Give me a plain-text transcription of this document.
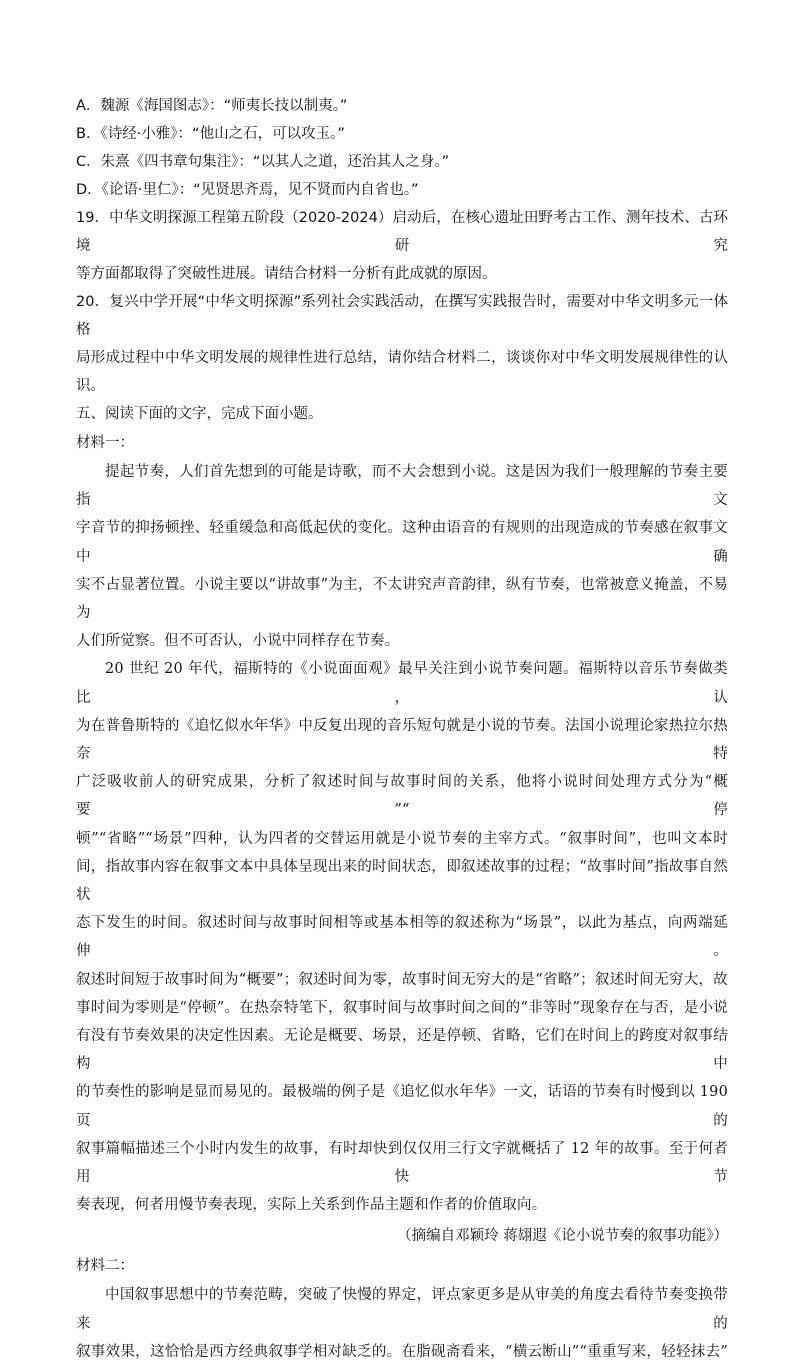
A．魏源《海国图志》：“师夷长技以制夷。”
B．《诗经·小雅》：“他山之石，可以攻玉。”
C．朱熹《四书章句集注》：“以其人之道，还治其人之身。”
D．《论语·里仁》：“见贤思齐焉，见不贤而内自省也。”
19．中华文明探源工程第五阶段（2020-2024）启动后，在核心遗址田野考古工作、测年技术、古环境研究
等方面都取得了突破性进展。请结合材料一分析有此成就的原因。
20．复兴中学开展“中华文明探源”系列社会实践活动，在撰写实践报告时，需要对中华文明多元一体格
局形成过程中中华文明发展的规律性进行总结，请你结合材料二，谈谈你对中华文明发展规律性的认识。
五、阅读下面的文字，完成下面小题。
材料一：
提起节奏，人们首先想到的可能是诗歌，而不大会想到小说。这是因为我们一般理解的节奏主要指文
字音节的抑扬顿挫、轻重缓急和高低起伏的变化。这种由语音的有规则的出现造成的节奏感在叙事文中确
实不占显著位置。小说主要以“讲故事”为主，不太讲究声音韵律，纵有节奏，也常被意义掩盖，不易为
人们所觉察。但不可否认，小说中同样存在节奏。
20 世纪 20 年代，福斯特的《小说面面观》最早关注到小说节奏问题。福斯特以音乐节奏做类比，认
为在普鲁斯特的《追忆似水年华》中反复出现的音乐短句就是小说的节奏。法国小说理论家热拉尔热奈特
广泛吸收前人的研究成果，分析了叙述时间与故事时间的关系，他将小说时间处理方式分为“概要”“停
顿”“省略”“场景”四种，认为四者的交替运用就是小说节奏的主宰方式。“叙事时间”，也叫文本时
间，指故事内容在叙事文本中具体呈现出来的时间状态，即叙述故事的过程；“故事时间”指故事自然状
态下发生的时间。叙述时间与故事时间相等或基本相等的叙述称为“场景”，以此为基点，向两端延伸。
叙述时间短于故事时间为“概要”；叙述时间为零，故事时间无穷大的是“省略”；叙述时间无穷大，故
事时间为零则是“停顿”。在热奈特笔下，叙事时间与故事时间之间的“非等时”现象存在与否，是小说
有没有节奏效果的决定性因素。无论是概要、场景，还是停顿、省略，它们在时间上的跨度对叙事结构中
的节奏性的影响是显而易见的。最极端的例子是《追忆似水年华》一文，话语的节奏有时慢到以 190 页的
叙事篇幅描述三个小时内发生的故事，有时却快到仅仅用三行文字就概括了 12 年的故事。至于何者用快节
奏表现，何者用慢节奏表现，实际上关系到作品主题和作者的价值取向。
（摘编自邓颖玲 蒋翃遐《论小说节奏的叙事功能》）
材料二：
中国叙事思想中的节奏范畴，突破了快慢的界定，评点家更多是从审美的角度去看待节奏变换带来的
叙事效果，这恰恰是西方经典叙事学相对缺乏的。在脂砚斋看来，“横云断山”“重重写来，轻轻抹去”
